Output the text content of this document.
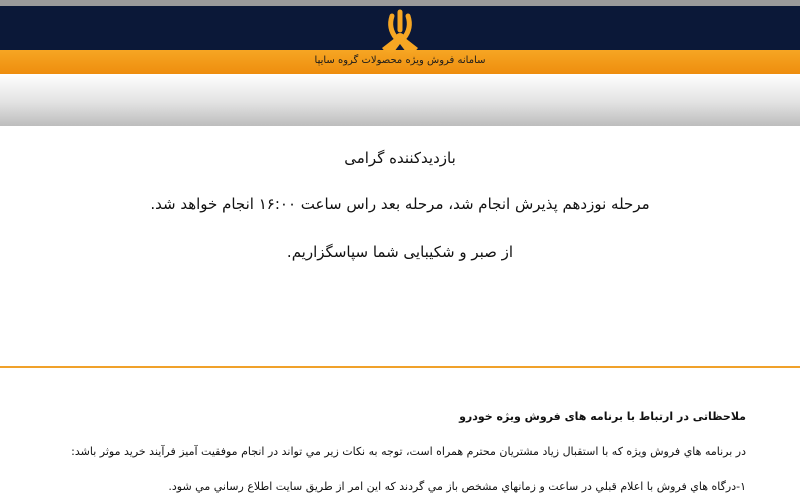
سامانه فروش ویژه محصولات گروه سایپا
بازدیدکننده گرامی
مرحله نوزدهم پذیرش انجام شد، مرحله بعد راس ساعت ۱۶:۰۰ انجام خواهد شد.
از صبر و شکیبایی شما سپاسگزاریم.
ملاحظاتی در ارتباط با برنامه های فروش ویژه خودرو
در برنامه هاي فروش ويژه که با استقبال زياد مشتريان محترم همراه است، توجه به نکات زير مي تواند در انجام موفقيت آميز فرآيند خريد موثر باشد:
۱-درگاه هاي فروش با اعلام قبلي در ساعت و زمانهاي مشخص باز مي گردند که اين امر از طريق سايت اطلاع رساني مي شود.
